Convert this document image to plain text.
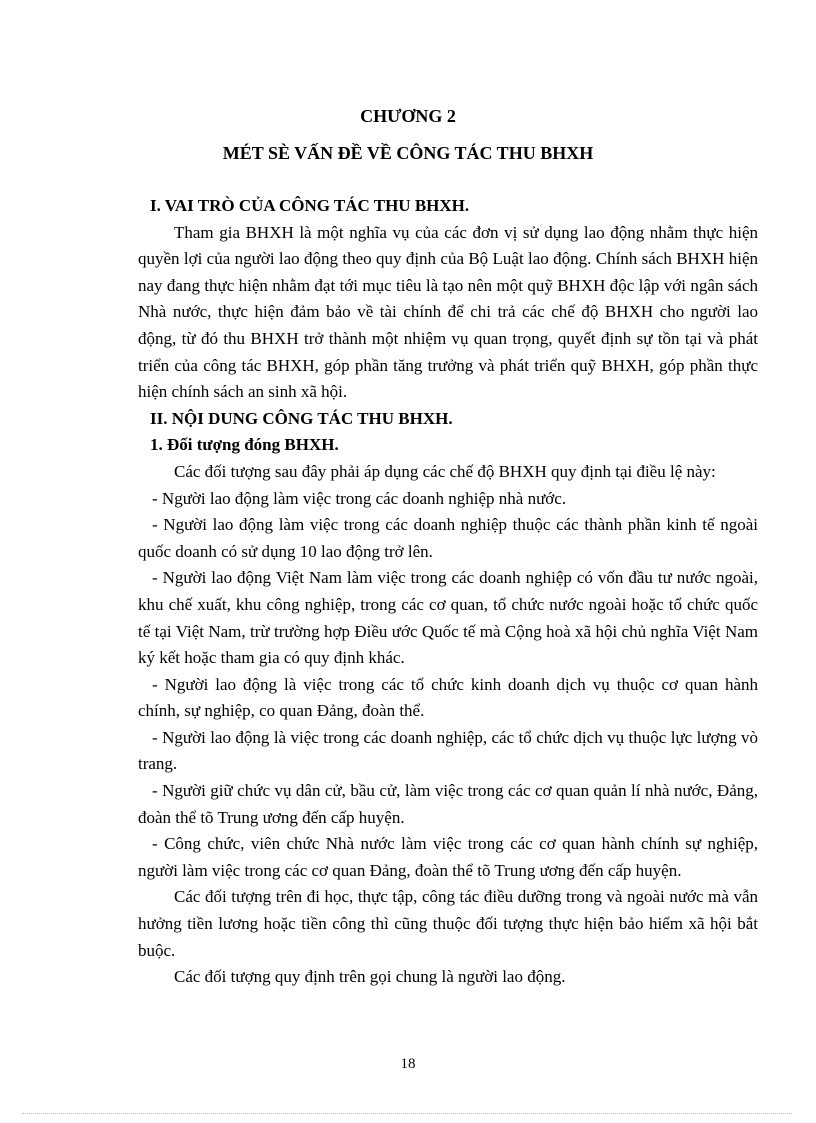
CHƯƠNG 2
MÉT SÈ VẤN ĐỀ VỀ CÔNG TÁC THU BHXH

I. VAI TRÒ CỦA CÔNG TÁC THU BHXH.

Tham gia BHXH là một nghĩa vụ của các đơn vị sử dụng lao động nhằm thực hiện quyền lợi của người lao động theo quy định của Bộ Luật lao động. Chính sách BHXH hiện nay đang thực hiện nhằm đạt tới mục tiêu là tạo nên một quỹ BHXH độc lập với ngân sách Nhà nước, thực hiện đảm bảo về tài chính để chi trả các chế độ BHXH cho người lao động, từ đó thu BHXH trở thành một nhiệm vụ quan trọng, quyết định sự tồn tại và phát triển của công tác BHXH, góp phần tăng trưởng và phát triển quỹ BHXH, góp phần thực hiện chính sách an sinh xã hội.

II. NỘI DUNG CÔNG TÁC THU BHXH.

1. Đối tượng đóng BHXH.

Các đối tượng sau đây phải áp dụng các chế độ BHXH quy định tại điều lệ này:

- Người lao động làm việc trong các doanh nghiệp nhà nước.

- Người lao động làm việc trong các doanh nghiệp thuộc các thành phần kinh tế ngoài quốc doanh có sử dụng 10 lao động trở lên.

- Người lao động Việt Nam làm việc trong các doanh nghiệp có vốn đầu tư nước ngoài, khu chế xuất, khu công nghiệp, trong các cơ quan, tổ chức nước ngoài hoặc tổ chức quốc tế tại Việt Nam, trừ trường hợp Điều ước Quốc tế mà Cộng hoà xã hội chủ nghĩa Việt Nam ký kết hoặc tham gia có quy định khác.

- Người lao động là việc trong các tổ chức kinh doanh dịch vụ thuộc cơ quan hành chính, sự nghiệp, co quan Đảng, đoàn thể.

- Người lao động là việc trong các doanh nghiệp, các tổ chức dịch vụ thuộc lực lượng vò trang.

- Người giữ chức vụ dân cử, bầu cử, làm việc trong các cơ quan quản lí nhà nước, Đảng, đoàn thể tõ Trung ương đến cấp huyện.

- Công chức, viên chức Nhà nước làm việc trong các cơ quan hành chính sự nghiệp, người làm việc trong các cơ quan Đảng, đoàn thể tõ Trung ương đến cấp huyện.

Các đối tượng trên đi học, thực tập, công tác điều dưỡng trong và ngoài nước mà vẫn hưởng tiền lương hoặc tiền công thì cũng thuộc đối tượng thực hiện bảo hiểm xã hội bắt buộc.

Các đối tượng quy định trên gọi chung là người lao động.

18
